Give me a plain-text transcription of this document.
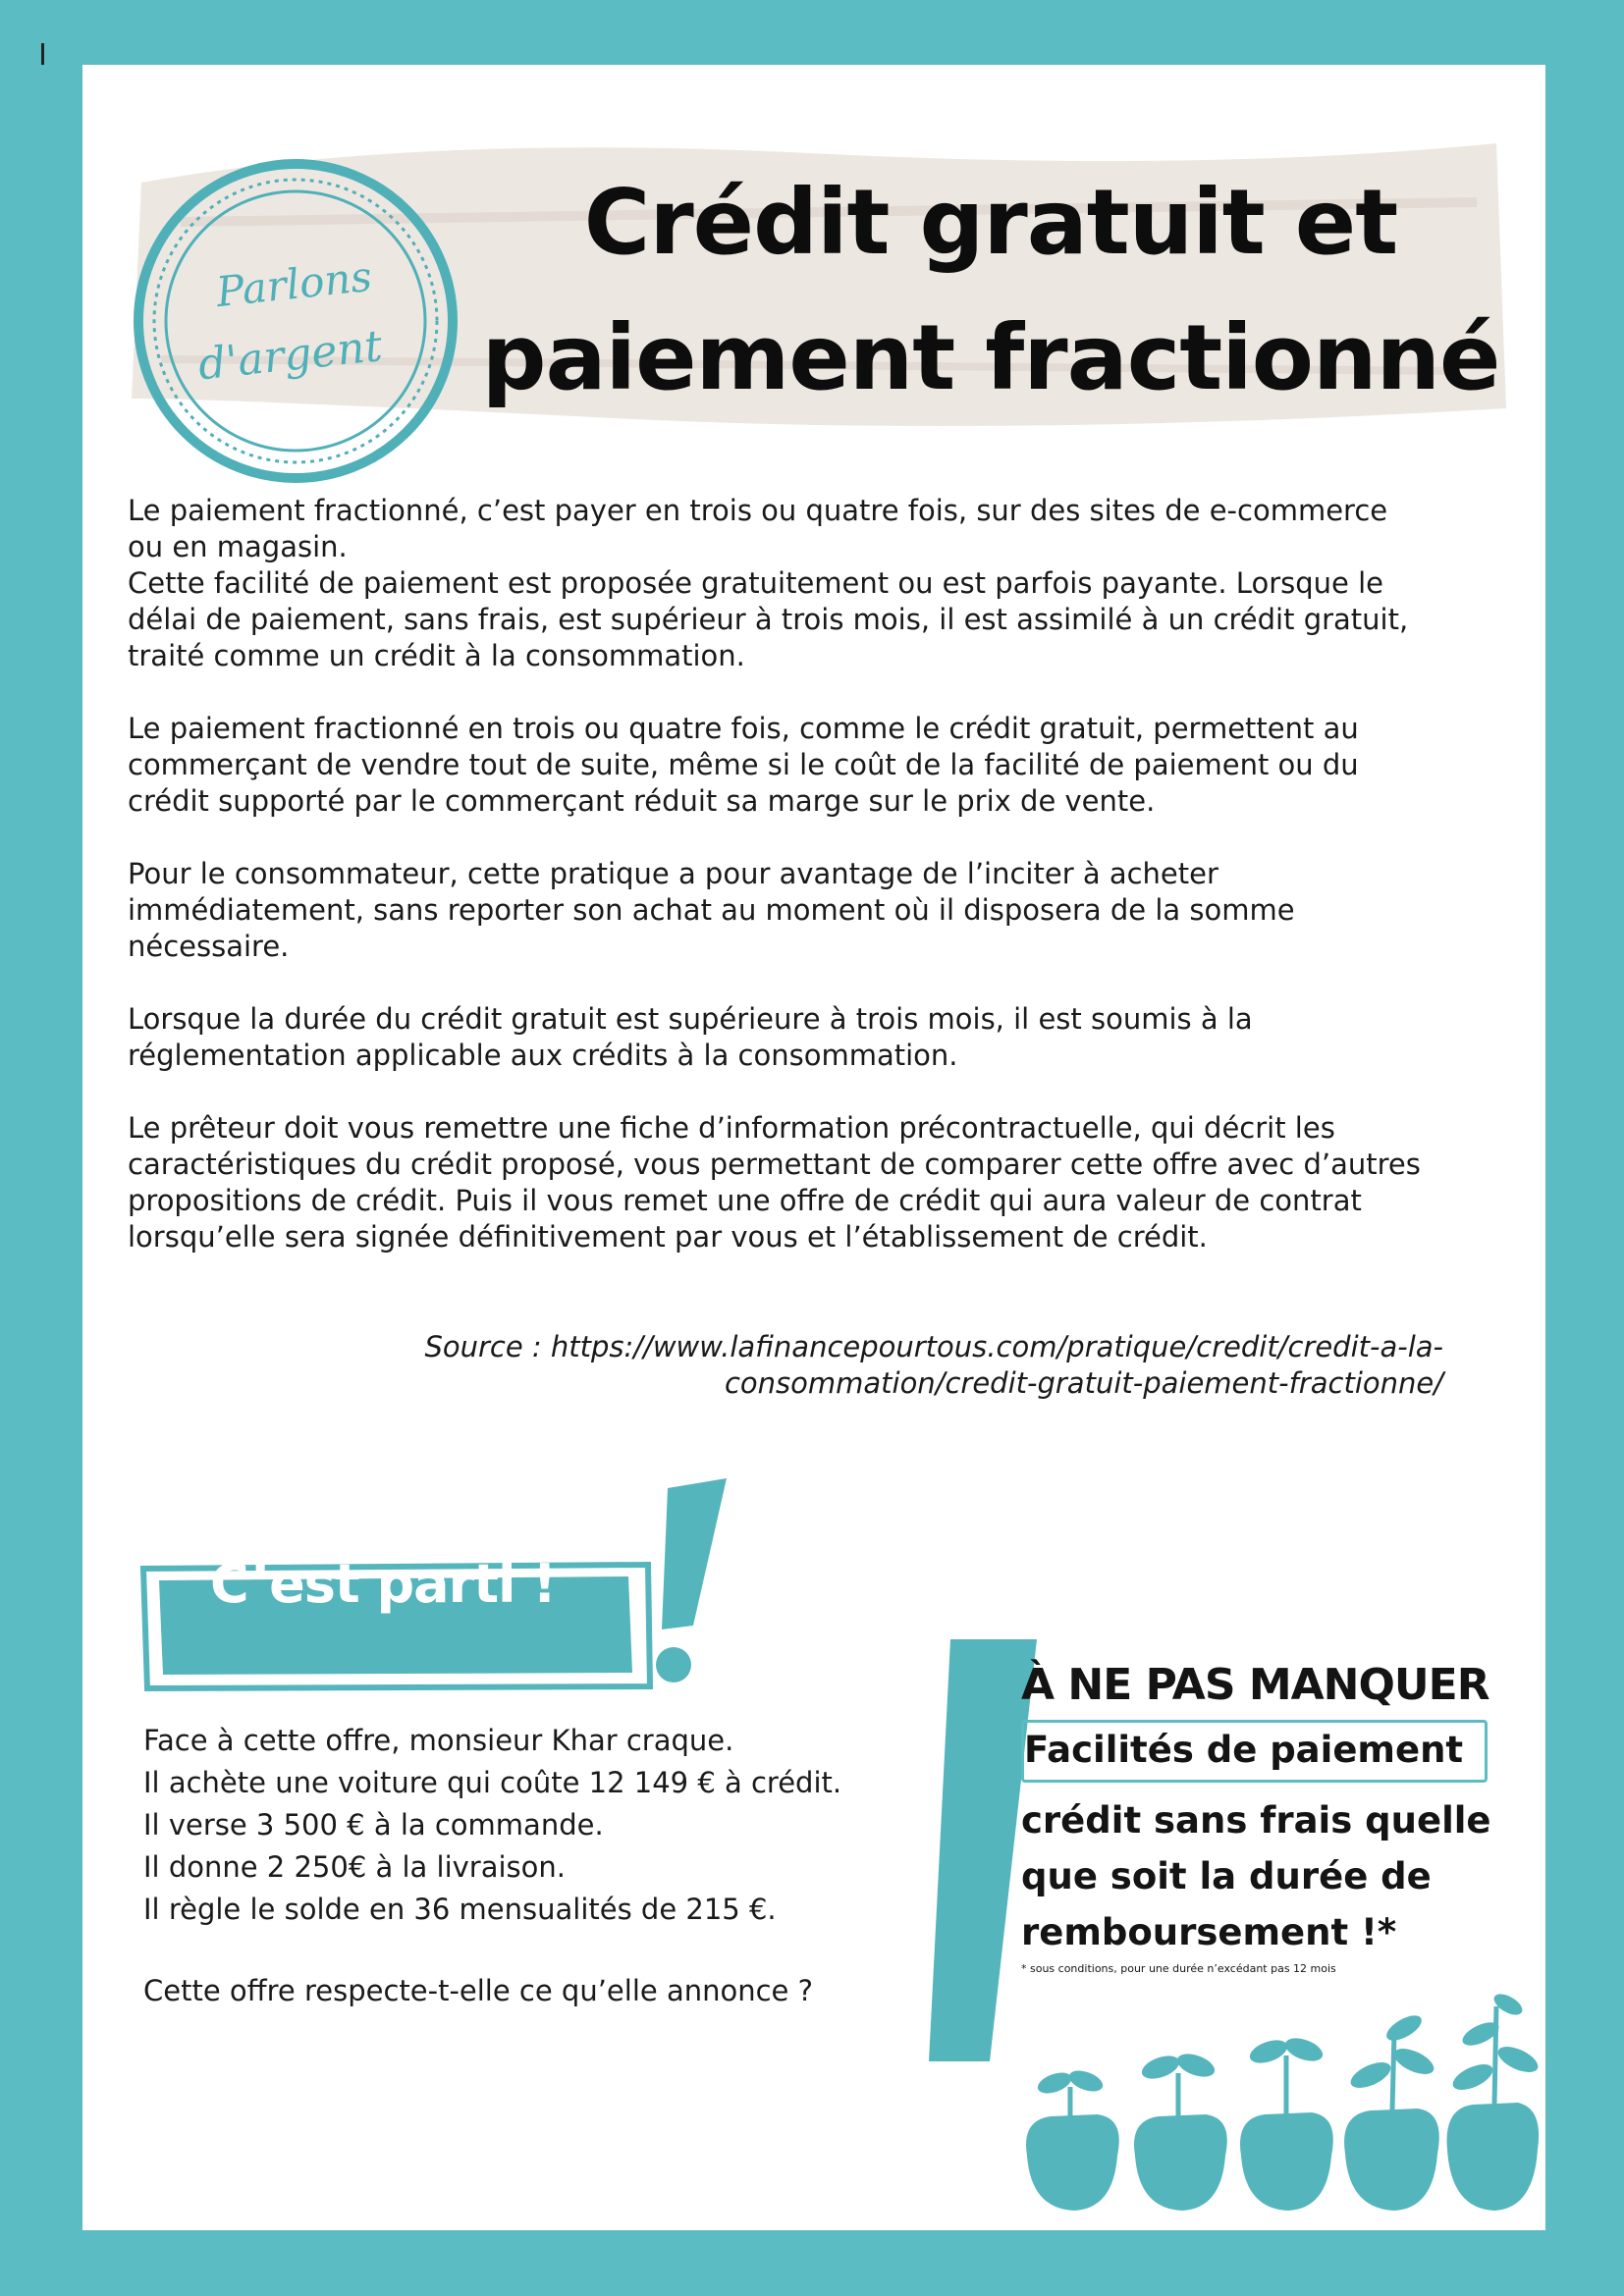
Parlons
d'argent
Crédit gratuit et
paiement fractionné

Le paiement fractionné, c’est payer en trois ou quatre fois, sur des sites de e-commerce
ou en magasin.
Cette facilité de paiement est proposée gratuitement ou est parfois payante. Lorsque le
délai de paiement, sans frais, est supérieur à trois mois, il est assimilé à un crédit gratuit,
traité comme un crédit à la consommation.

Le paiement fractionné en trois ou quatre fois, comme le crédit gratuit, permettent au
commerçant de vendre tout de suite, même si le coût de la facilité de paiement ou du
crédit supporté par le commerçant réduit sa marge sur le prix de vente.

Pour le consommateur, cette pratique a pour avantage de l’inciter à acheter
immédiatement, sans reporter son achat au moment où il disposera de la somme
nécessaire.

Lorsque la durée du crédit gratuit est supérieure à trois mois, il est soumis à la
réglementation applicable aux crédits à la consommation.

Le prêteur doit vous remettre une fiche d’information précontractuelle, qui décrit les
caractéristiques du crédit proposé, vous permettant de comparer cette offre avec d’autres
propositions de crédit. Puis il vous remet une offre de crédit qui aura valeur de contrat
lorsqu’elle sera signée définitivement par vous et l’établissement de crédit.

Source : https://www.lafinancepourtous.com/pratique/credit/credit-a-la-
consommation/credit-gratuit-paiement-fractionne/

C’est parti !

Face à cette offre, monsieur Khar craque.
Il achète une voiture qui coûte 12 149 € à crédit.
Il verse 3 500 € à la commande.
Il donne 2 250€ à la livraison.
Il règle le solde en 36 mensualités de 215 €.
Cette offre respecte-t-elle ce qu’elle annonce ?

À NE PAS MANQUER

Facilités de paiement
crédit sans frais quelle
que soit la durée de
remboursement !*
* sous conditions, pour une durée n’excédant pas 12 mois
